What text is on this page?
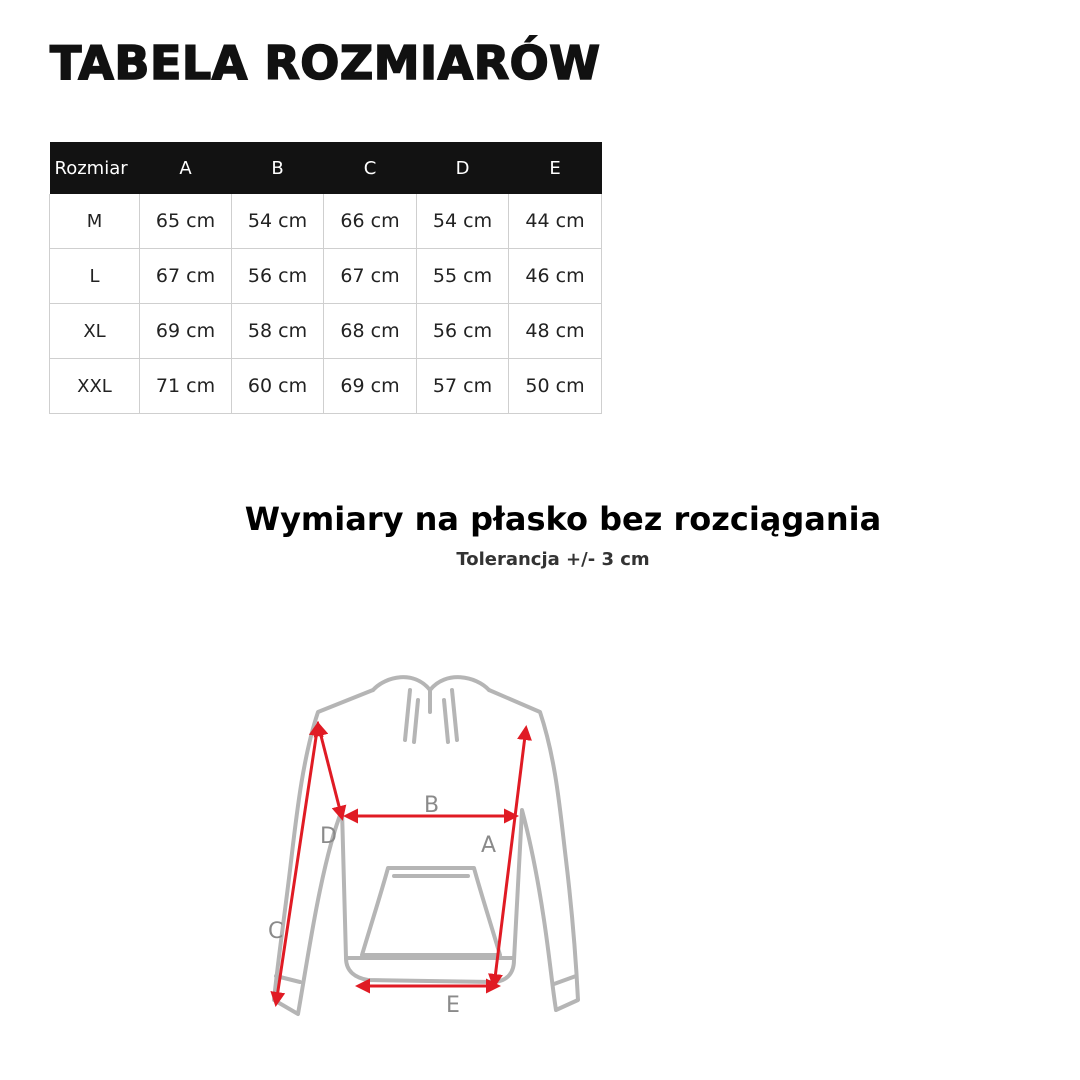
TABELA ROZMIARÓW
Rozmiar	A	B	C	D	E
M	65 cm	54 cm	66 cm	54 cm	44 cm
L	67 cm	56 cm	67 cm	55 cm	46 cm
XL	69 cm	58 cm	68 cm	56 cm	48 cm
XXL	71 cm	60 cm	69 cm	57 cm	50 cm

Wymiary na płasko bez rozciągania

Tolerancja +/- 3 cm

B
A
D
C
E
